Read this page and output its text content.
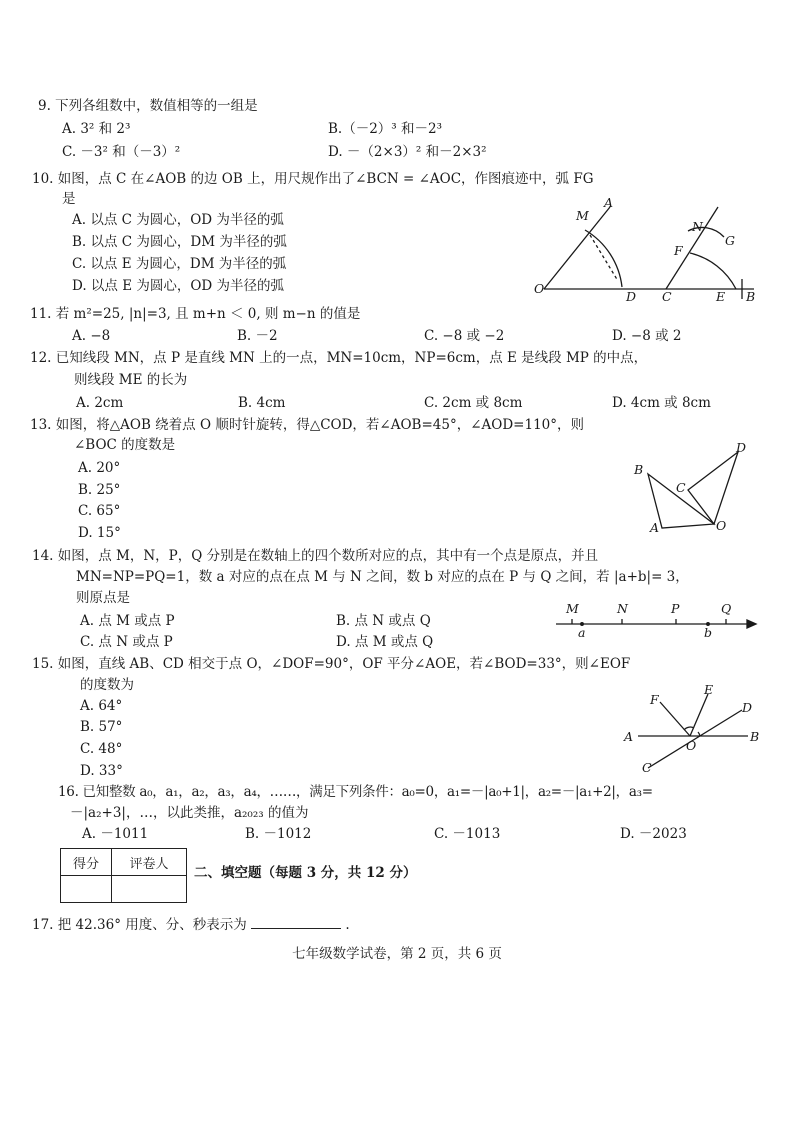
9. 下列各组数中，数值相等的一组是
A. 3² 和 2³	B.（－2）³ 和－2³
C. －3² 和（－3）²	D. －（2×3）² 和－2×3²
10. 如图，点 C 在∠AOB 的边 OB 上，用尺规作出了∠BCN = ∠AOC，作图痕迹中，弧 FG
是
A. 以点 C 为圆心，OD 为半径的弧
B. 以点 C 为圆心，DM 为半径的弧
C. 以点 E 为圆心，DM 为半径的弧
D. 以点 E 为圆心，OD 为半径的弧
M
A
O
D
N
G
F
C	E B
11. 若 m²=25, |n|=3, 且 m+n ＜ 0, 则 m−n 的值是
A. −8	B. －2	C. −8 或 −2	D. −8 或 2
12. 已知线段 MN，点 P 是直线 MN 上的一点，MN=10cm，NP=6cm，点 E 是线段 MP 的中点，
则线段 ME 的长为
A. 2cm	B. 4cm	C. 2cm 或 8cm	D. 4cm 或 8cm
13. 如图，将△AOB 绕着点 O 顺时针旋转，得△COD，若∠AOB=45°，∠AOD=110°，则
∠BOC 的度数是
A. 20°
B. 25°
C. 65°
D. 15°
B
C
D
A	O
14. 如图，点 M，N，P，Q 分别是在数轴上的四个数所对应的点，其中有一个点是原点，并且
MN=NP=PQ=1，数 a 对应的点在点 M 与 N 之间，数 b 对应的点在 P 与 Q 之间，若 |a+b|= 3，
则原点是
A. 点 M 或点 P	B. 点 N 或点 Q
C. 点 N 或点 P	D. 点 M 或点 Q
M	N	P	Q
a	b
15. 如图，直线 AB、CD 相交于点 O，∠DOF=90°，OF 平分∠AOE，若∠BOD=33°，则∠EOF
的度数为
A. 64°
B. 57°
C. 48°
D. 33°
F
E
D
A
O
B
C
16. 已知整数 a₀，a₁，a₂，a₃，a₄，……，满足下列条件：a₀=0，a₁=－|a₀+1|，a₂=－|a₁+2|，a₃=
－|a₂+3|，…，以此类推，a₂₀₂₃ 的值为
A. －1011	B. －1012	C. －1013	D. －2023
得分	评卷人

二、填空题（每题 3 分，共 12 分）
17. 把 42.36° 用度、分、秒表示为	.
七年级数学试卷，第 2 页，共 6 页
